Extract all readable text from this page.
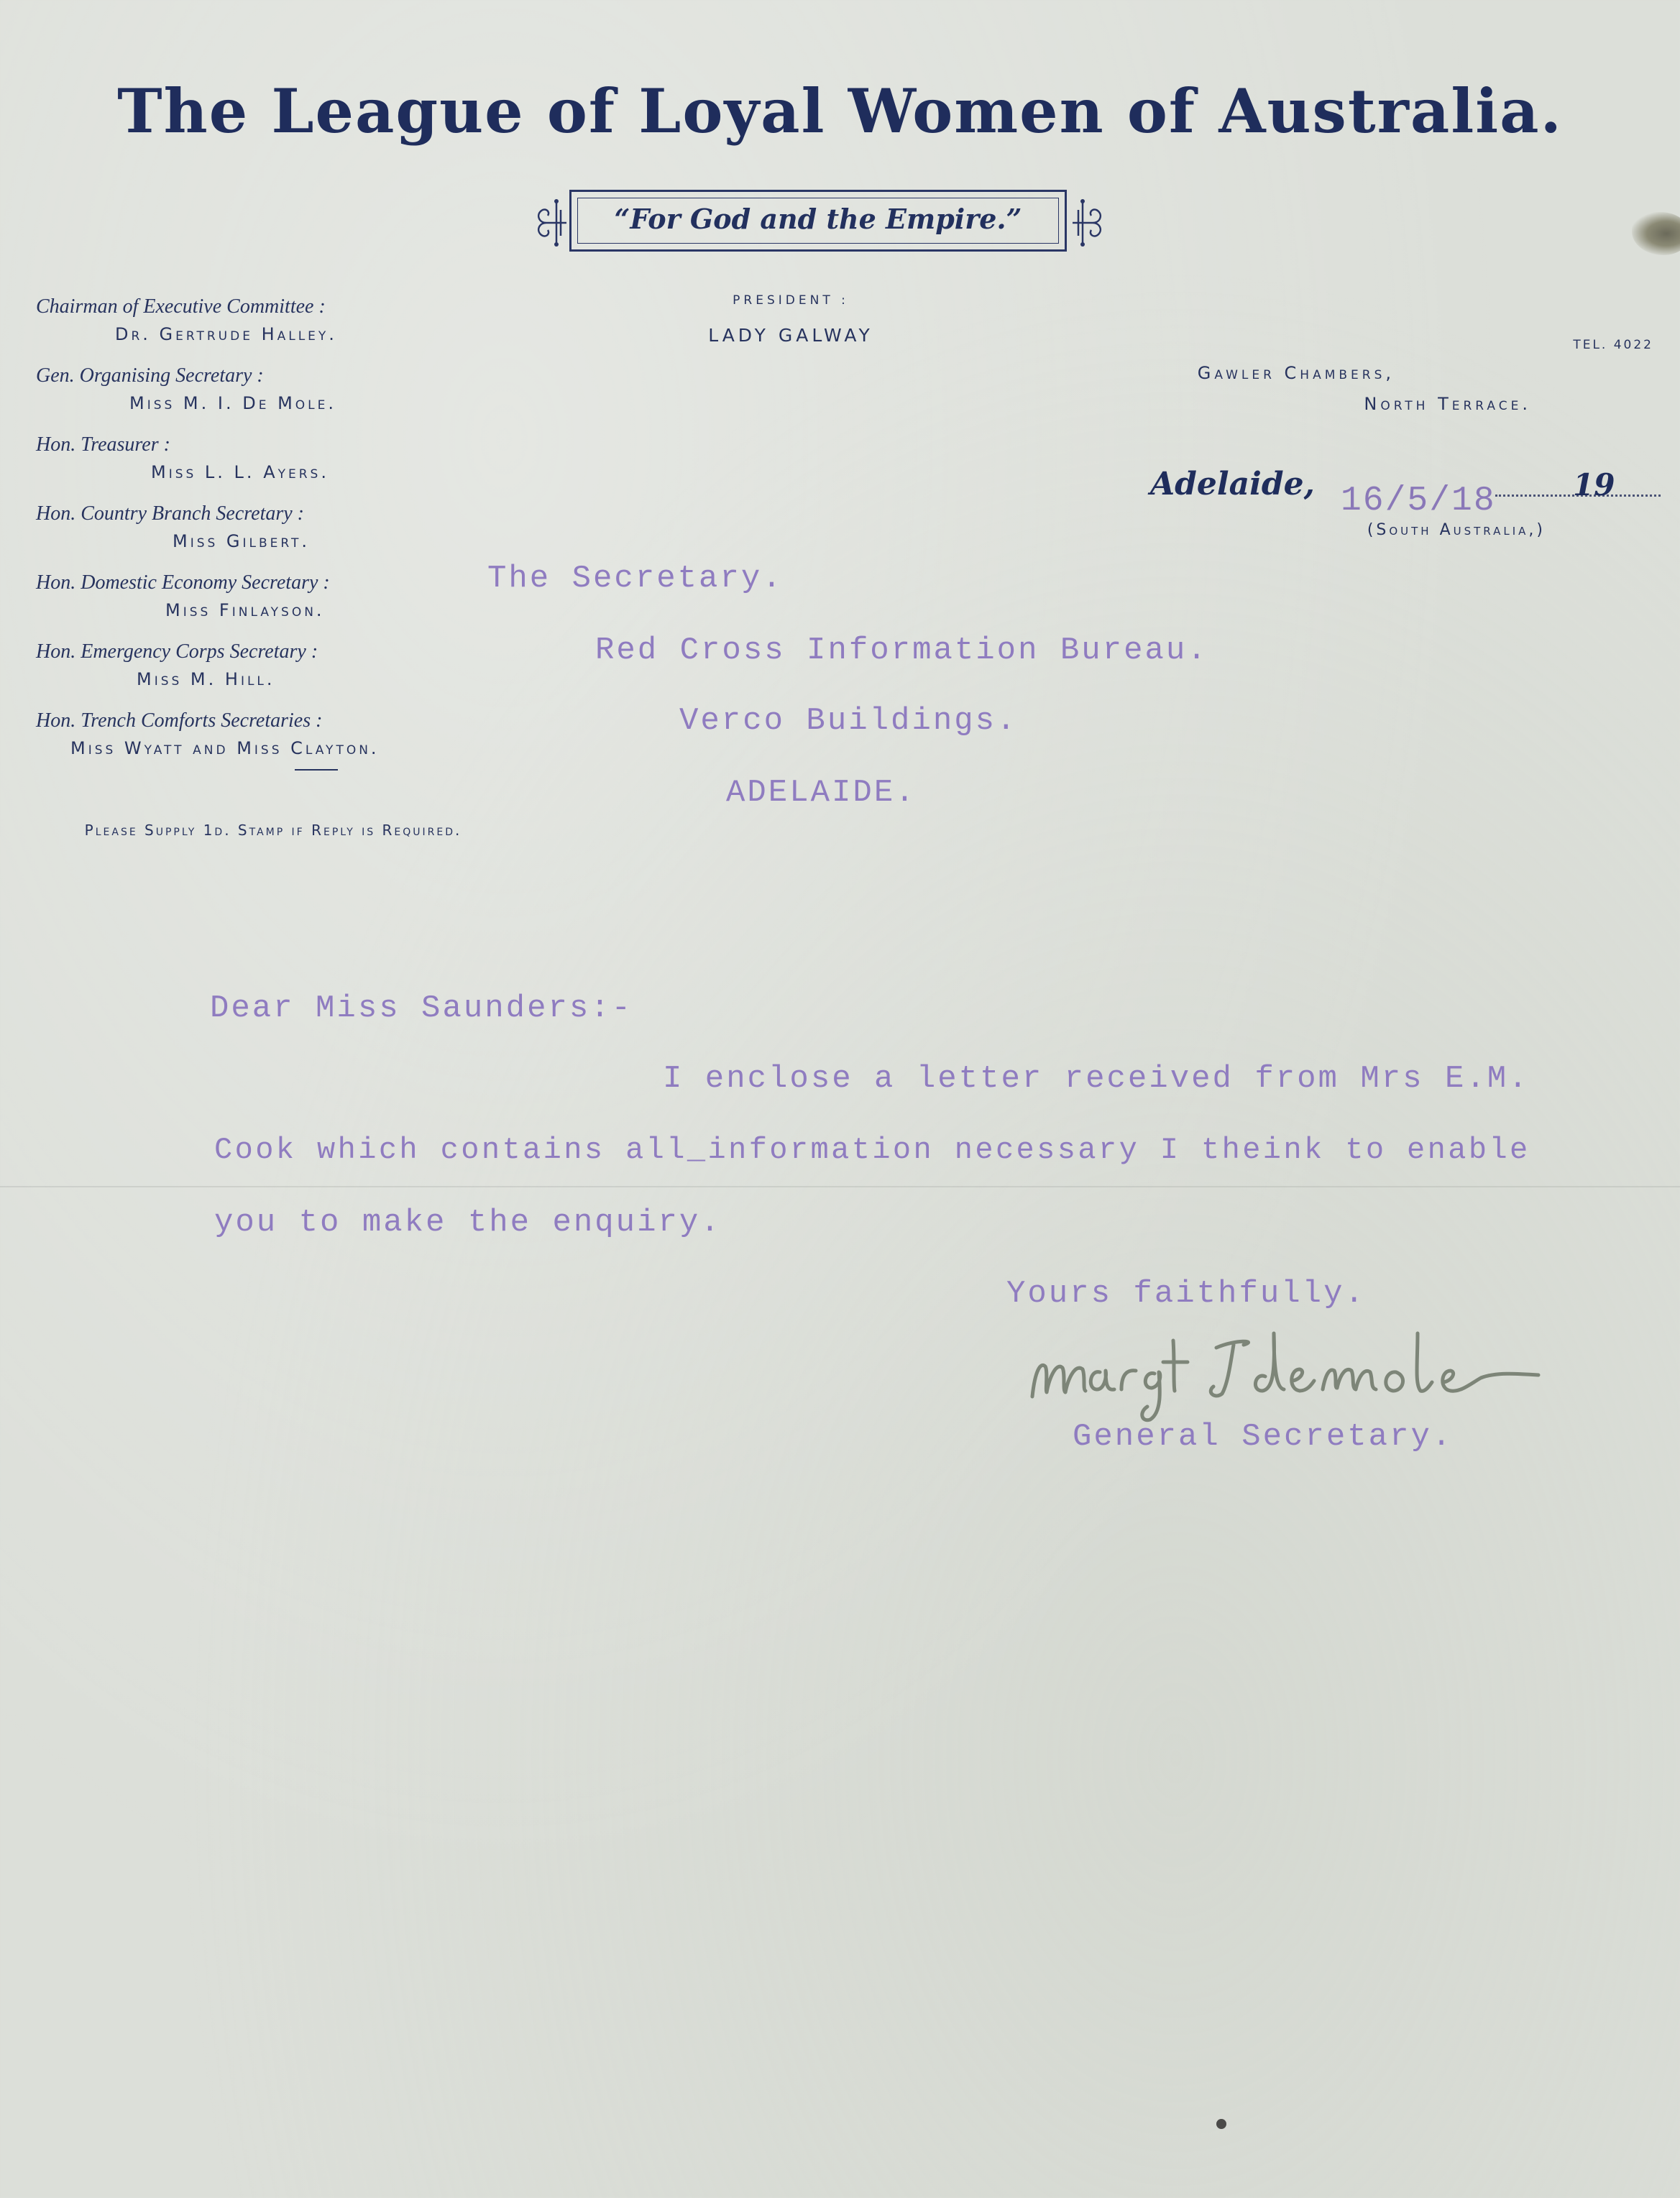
The League of Loyal Women of Australia.
“For God and the Empire.”

Chairman of Executive Committee :

Dr. Gertrude Halley.

Gen. Organising Secretary :

Miss M. I. De Mole.

Hon. Treasurer :

Miss L. L. Ayers.

Hon. Country Branch Secretary :

Miss Gilbert.

Hon. Domestic Economy Secretary :

Miss Finlayson.

Hon. Emergency Corps Secretary :

Miss M. Hill.

Hon. Trench Comforts Secretaries :

Miss Wyatt and Miss Clayton.

Please Supply 1d. Stamp if Reply is Required.
PRESIDENT :
LADY GALWAY	TEL. 4022
Gawler Chambers,
North Terrace.
Adelaide, 16/5/18	19
(South Australia,)
The Secretary.
Red Cross Information Bureau.
Verco Buildings.
ADELAIDE.
Dear Miss Saunders:-
I enclose a letter received from Mrs E.M.
Cook which contains all_information necessary I theink to enable
you to make the enquiry.
Yours faithfully.
General Secretary.
